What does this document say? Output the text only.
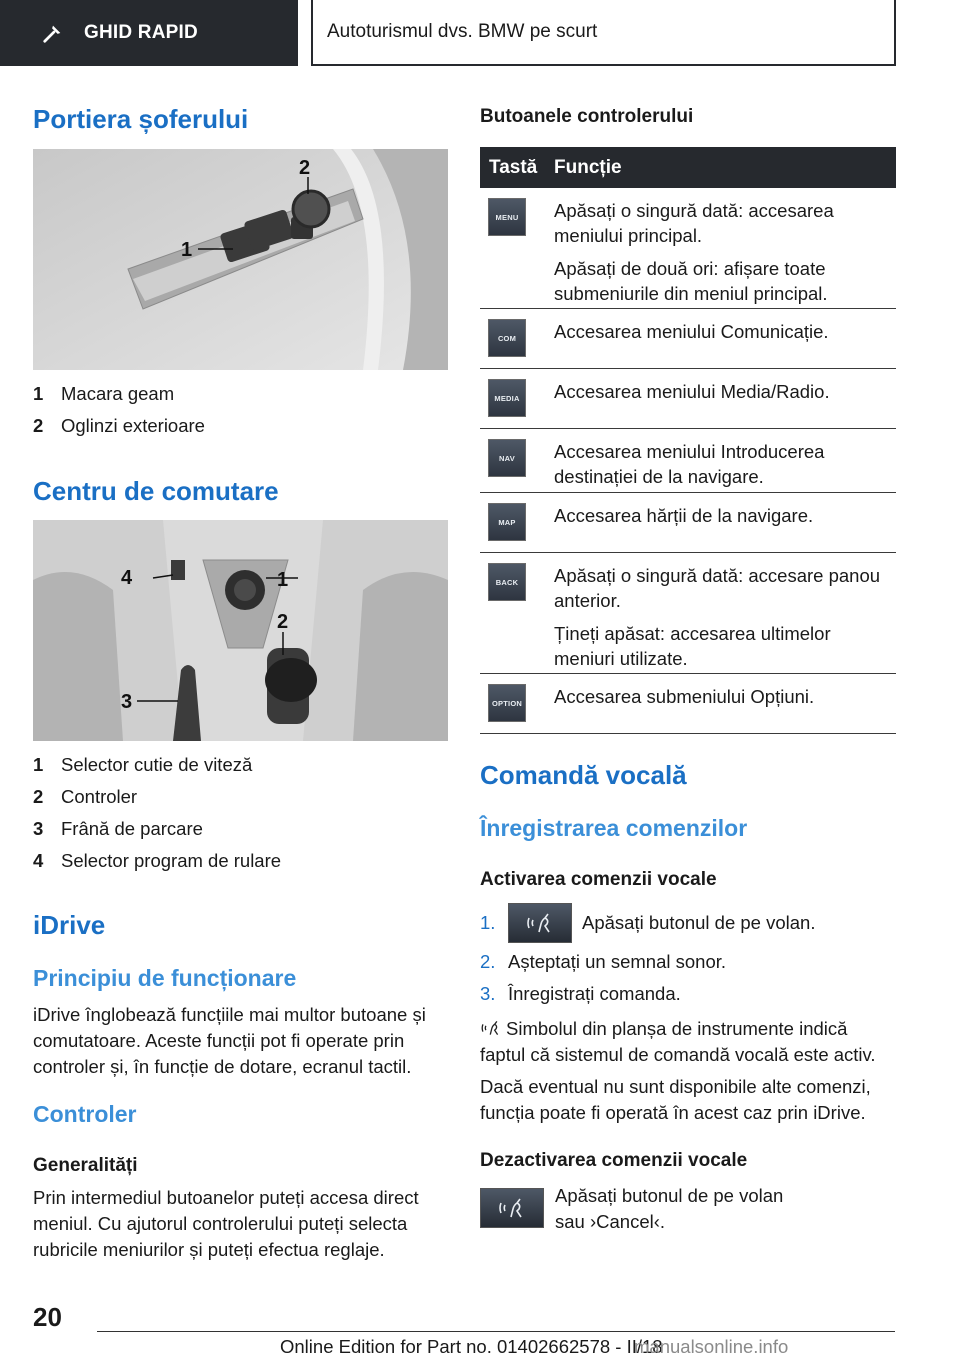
GHID RAPID	Autoturismul dvs. BMW pe scurt
Portiera șoferului
1
2
1 Macara geam
2 Oglinzi exterioare
Centru de comutare
1
2
3
4
1 Selector cutie de viteză
2 Controler
3 Frână de parcare
4 Selector program de rulare
iDrive
Principiu de funcționare

iDrive înglobează funcțiile mai multor butoane și comutatoare. Aceste funcții pot fi operate prin controler și, în funcție de dotare, ecranul tactil.

Controler
Generalități

Prin intermediul butoanelor puteți accesa direct meniul. Cu ajutorul controlerului puteți selecta rubricile meniurilor și puteți efectua reglaje.

Butoanele controlerului
Tastă Funcție
MENU	Apăsați o singură dată: accesarea meniului principal.

Apăsați de două ori: afișare toate submeniurile din meniul principal.

COM	Accesarea meniului Comunicație.

MEDIA	Accesarea meniului Media/Radio.

NAV	Accesarea meniului Introducerea destinației de la navigare.

MAP	Accesarea hărții de la navigare.

BACK	Apăsați o singură dată: accesare panou anterior.

Țineți apăsat: accesarea ultimelor meniuri utilizate.

OPTION Accesarea submeniului Opțiuni.

Comandă vocală
Înregistrarea comenzilor
Activarea comenzii vocale
1.	Apăsați butonul de pe volan.
2. Așteptați un semnal sonor.
3. Înregistrați comanda.

Simbolul din planșa de instrumente indică faptul că sistemul de comandă vocală este activ.

Dacă eventual nu sunt disponibile alte comenzi, funcția poate fi operată în acest caz prin iDrive.

Dezactivarea comenzii vocale
Apăsați butonul de pe volan
sau ›Cancel‹.
20
Online Edition for Part no. 01402662578 - II/18
manualsonline.info
